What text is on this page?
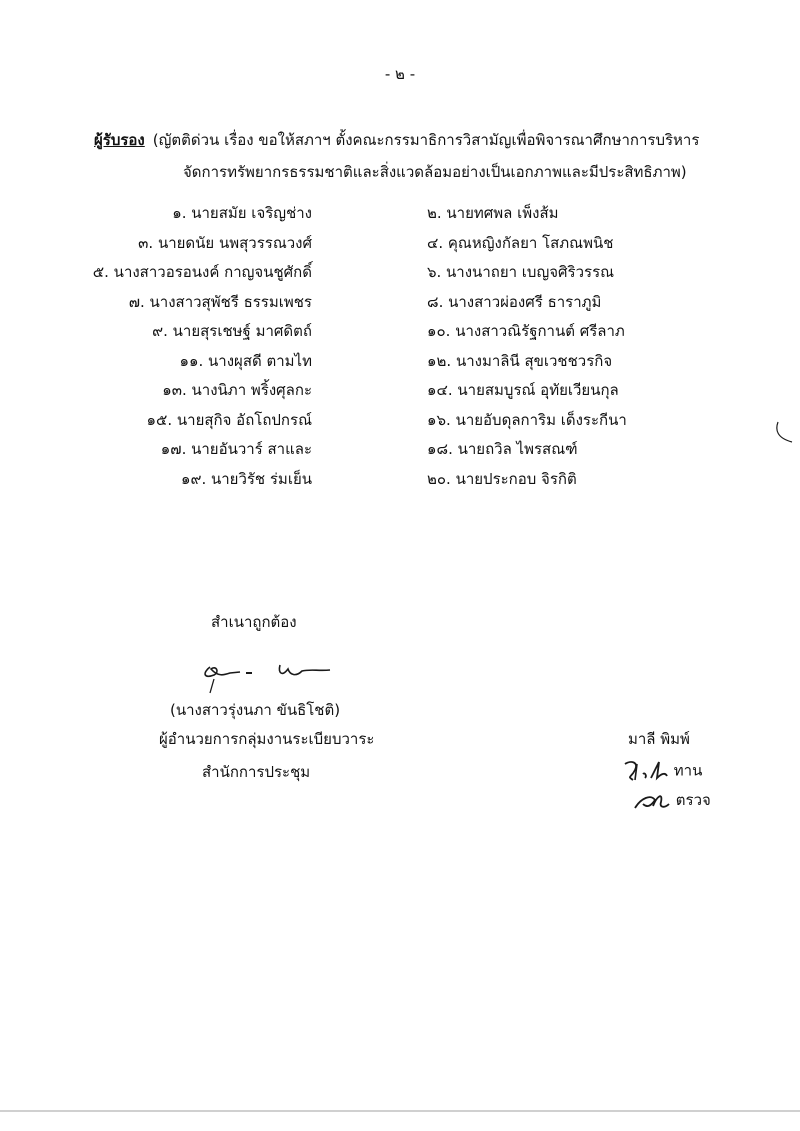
- ๒ -
ผู้รับรอง (ญัตติด่วน เรื่อง ขอให้สภาฯ ตั้งคณะกรรมาธิการวิสามัญเพื่อพิจารณาศึกษาการบริหาร
จัดการทรัพยากรธรรมชาติและสิ่งแวดล้อมอย่างเป็นเอกภาพและมีประสิทธิภาพ)
๑. นายสมัย เจริญช่าง	๒. นายทศพล เพ็งส้ม
๓. นายดนัย นพสุวรรณวงศ์	๔. คุณหญิงกัลยา โสภณพนิช
๕. นางสาวอรอนงค์ กาญจนชูศักดิ์	๖. นางนาถยา เบญจศิริวรรณ
๗. นางสาวสุพัชรี ธรรมเพชร	๘. นางสาวผ่องศรี ธาราภูมิ
๙. นายสุรเชษฐ์ มาศดิตถ์	๑๐. นางสาวณิรัฐกานต์ ศรีลาภ
๑๑. นางผุสดี ตามไท	๑๒. นางมาลินี สุขเวชชวรกิจ
๑๓. นางนิภา พริ้งศุลกะ	๑๔. นายสมบูรณ์ อุทัยเวียนกุล
๑๕. นายสุกิจ อัถโถปกรณ์	๑๖. นายอับดุลการิม เด็งระกีนา
๑๗. นายอันวาร์ สาและ	๑๘. นายถวิล ไพรสณฑ์
๑๙. นายวิรัช ร่มเย็น	๒๐. นายประกอบ จิรกิติ
สำเนาถูกต้อง
(นางสาวรุ่งนภา ขันธิโชติ)
ผู้อำนวยการกลุ่มงานระเบียบวาระ
สำนักการประชุม
มาลี พิมพ์
ทาน
ตรวจ
